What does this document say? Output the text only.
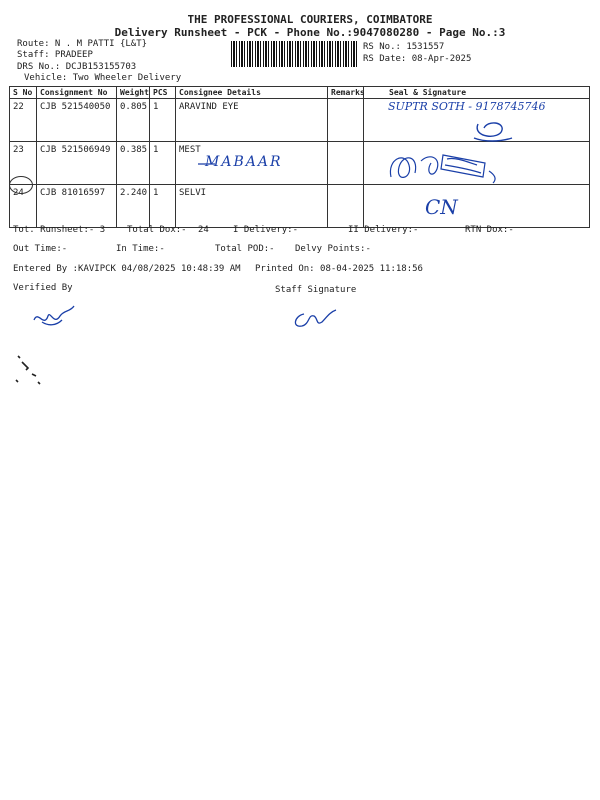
THE PROFESSIONAL COURIERS, COIMBATORE
Delivery Runsheet - PCK - Phone No.:9047080280 - Page No.:3
Route: N . M PATTI {L&T}
Staff: PRADEEP
DRS No.: DCJB153155703
Vehicle: Two Wheeler Delivery
RS No.: 1531557
RS Date: 08-Apr-2025
S No	Consignment No	Weight	PCS	Consignee Details	Remarks	Seal & Signature
22	CJB 521540050	0.805	1	ARAVIND EYE		
23	CJB 521506949	0.385	1	MEST		
24	CJB 81016597	2.240	1	SELVI		
SUPTR SOTH - 9178745746
MABAAR
CN
Tot. Runsheet:- 3 Total Dox:- 24	I Delivery:-	II Delivery:-	RTN Dox:-
Out Time:-	In Time:-	Total POD:- Delvy Points:-
Entered By :KAVIPCK 04/08/2025 10:48:39 AM Printed On: 08-04-2025 11:18:56
Verified By	Staff Signature
